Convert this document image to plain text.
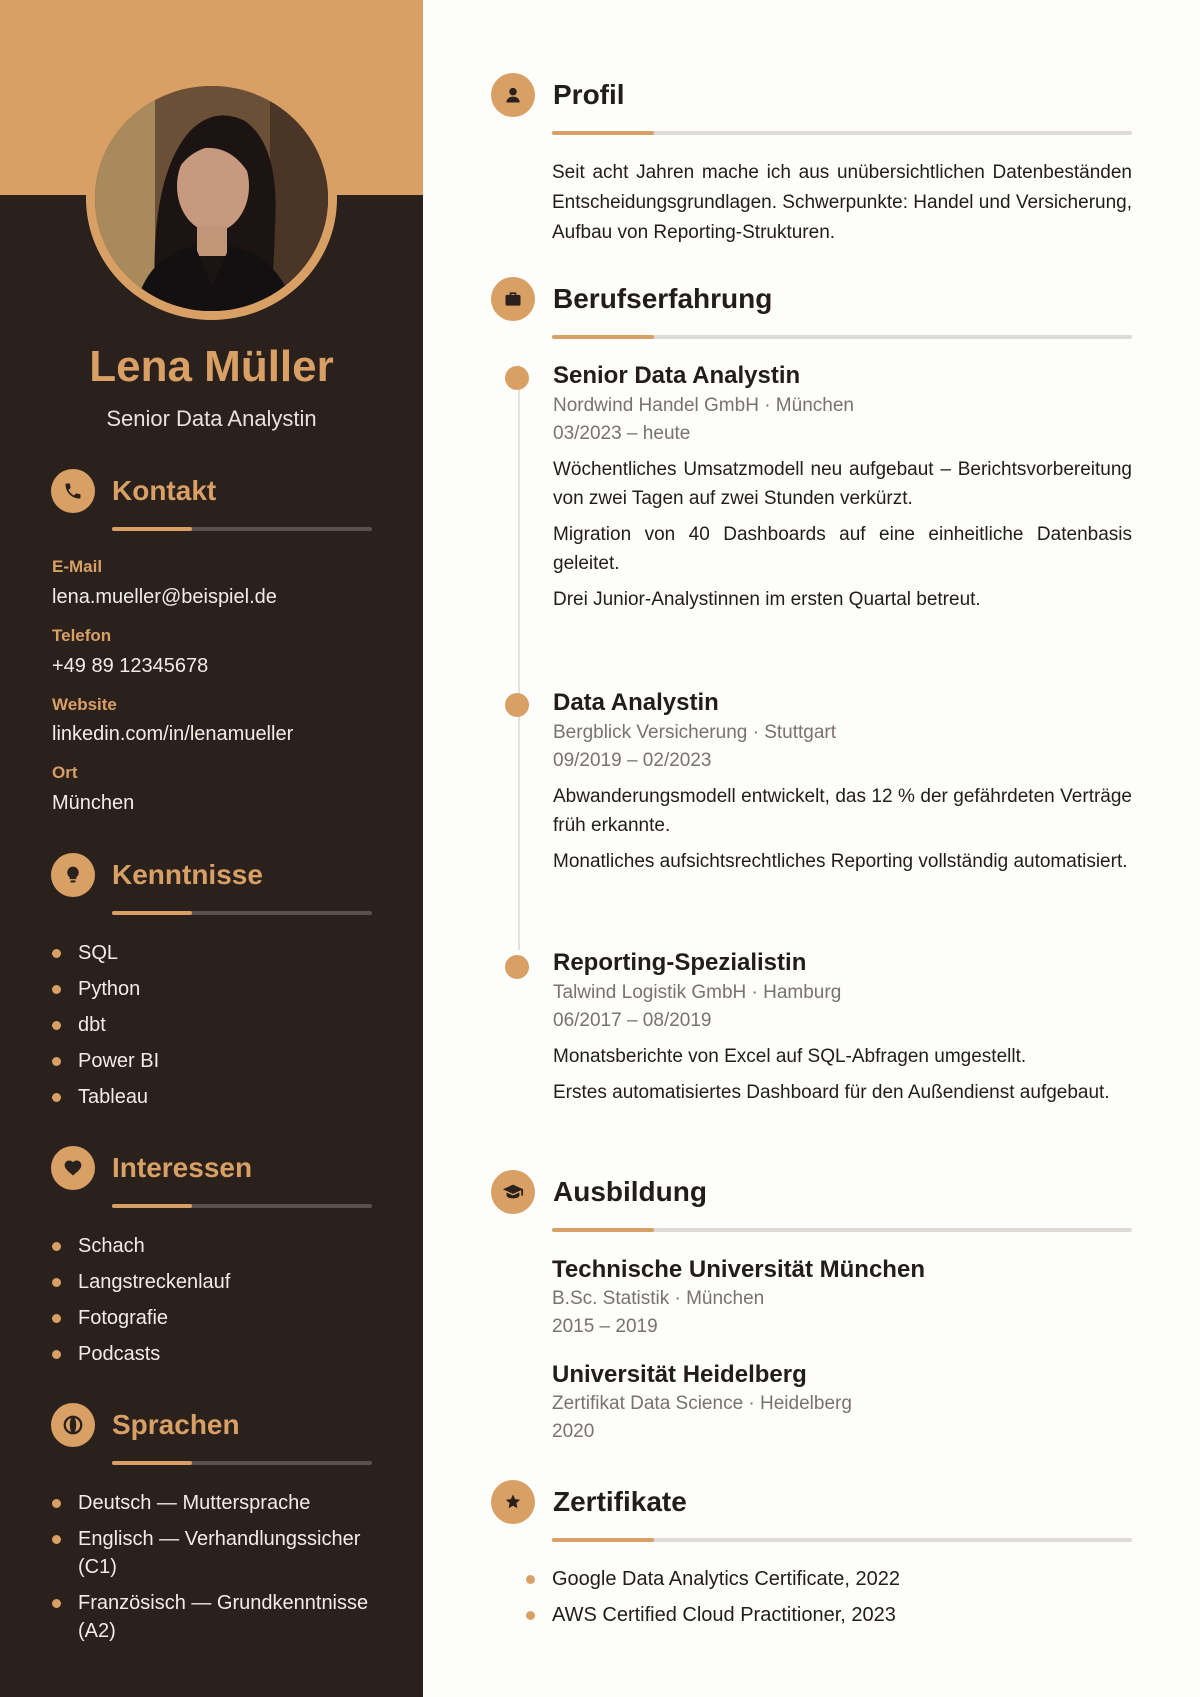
Lena Müller
Senior Data Analystin
Kontakt
E-Mail
lena.mueller@beispiel.de
Telefon
+49 89 12345678
Website
linkedin.com/in/lenamueller
Ort
München
Kenntnisse
SQL
Python
dbt
Power BI
Tableau
Interessen
Schach
Langstreckenlauf
Fotografie
Podcasts
Sprachen
Deutsch — Muttersprache
Englisch — Verhandlungssicher (C1)
Französisch — Grundkenntnisse (A2)
Profil
Seit acht Jahren mache ich aus unübersichtlichen Datenbeständen Entscheidungsgrundlagen. Schwerpunkte: Handel und Versicherung, Aufbau von Reporting-Strukturen.
Berufserfahrung
Senior Data Analystin
Nordwind Handel GmbH · München
03/2023 – heute
Wöchentliches Umsatzmodell neu aufgebaut – Berichtsvorbereitung von zwei Tagen auf zwei Stunden verkürzt.
Migration von 40 Dashboards auf eine einheitliche Datenbasis geleitet.
Drei Junior-Analystinnen im ersten Quartal betreut.
Data Analystin
Bergblick Versicherung · Stuttgart
09/2019 – 02/2023
Abwanderungsmodell entwickelt, das 12 % der gefährdeten Verträge früh erkannte.
Monatliches aufsichtsrechtliches Reporting vollständig automatisiert.
Reporting-Spezialistin
Talwind Logistik GmbH · Hamburg
06/2017 – 08/2019
Monatsberichte von Excel auf SQL-Abfragen umgestellt.
Erstes automatisiertes Dashboard für den Außendienst aufgebaut.
Ausbildung
Technische Universität München
B.Sc. Statistik · München
2015 – 2019
Universität Heidelberg
Zertifikat Data Science · Heidelberg
2020
Zertifikate
Google Data Analytics Certificate, 2022
AWS Certified Cloud Practitioner, 2023
